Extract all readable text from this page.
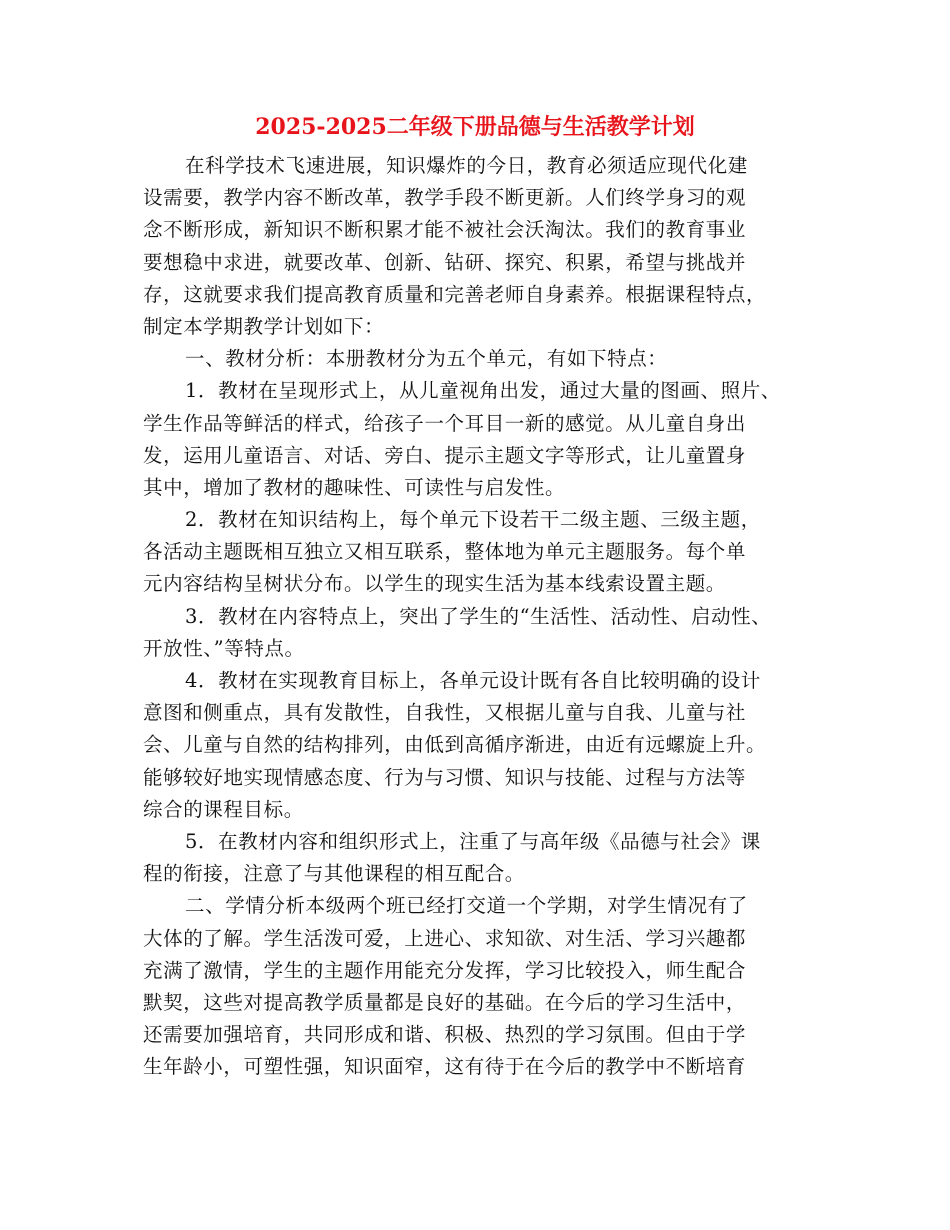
2025-2025二年级下册品德与生活教学计划
在科学技术飞速进展，知识爆炸的今日，教育必须适应现代化建
设需要，教学内容不断改革，教学手段不断更新。人们终学身习的观
念不断形成，新知识不断积累才能不被社会沃淘汰。我们的教育事业
要想稳中求进，就要改革、创新、钻研、探究、积累，希望与挑战并
存，这就要求我们提高教育质量和完善老师自身素养。根据课程特点，
制定本学期教学计划如下：
一、教材分析：本册教材分为五个单元，有如下特点：
1．教材在呈现形式上，从儿童视角出发，通过大量的图画、照片、
学生作品等鲜活的样式，给孩子一个耳目一新的感觉。从儿童自身出
发，运用儿童语言、对话、旁白、提示主题文字等形式，让儿童置身
其中，增加了教材的趣味性、可读性与启发性。
2．教材在知识结构上，每个单元下设若干二级主题、三级主题，
各活动主题既相互独立又相互联系，整体地为单元主题服务。每个单
元内容结构呈树状分布。以学生的现实生活为基本线索设置主题。
3．教材在内容特点上，突出了学生的“生活性、活动性、启动性、
开放性、”等特点。
4．教材在实现教育目标上，各单元设计既有各自比较明确的设计
意图和侧重点，具有发散性，自我性，又根据儿童与自我、儿童与社
会、儿童与自然的结构排列，由低到高循序渐进，由近有远螺旋上升。
能够较好地实现情感态度、行为与习惯、知识与技能、过程与方法等
综合的课程目标。
5．在教材内容和组织形式上，注重了与高年级《品德与社会》课
程的衔接，注意了与其他课程的相互配合。
二、学情分析本级两个班已经打交道一个学期，对学生情况有了
大体的了解。学生活泼可爱，上进心、求知欲、对生活、学习兴趣都
充满了激情，学生的主题作用能充分发挥，学习比较投入，师生配合
默契，这些对提高教学质量都是良好的基础。在今后的学习生活中，
还需要加强培育，共同形成和谐、积极、热烈的学习氛围。但由于学
生年龄小，可塑性强，知识面窄，这有待于在今后的教学中不断培育
